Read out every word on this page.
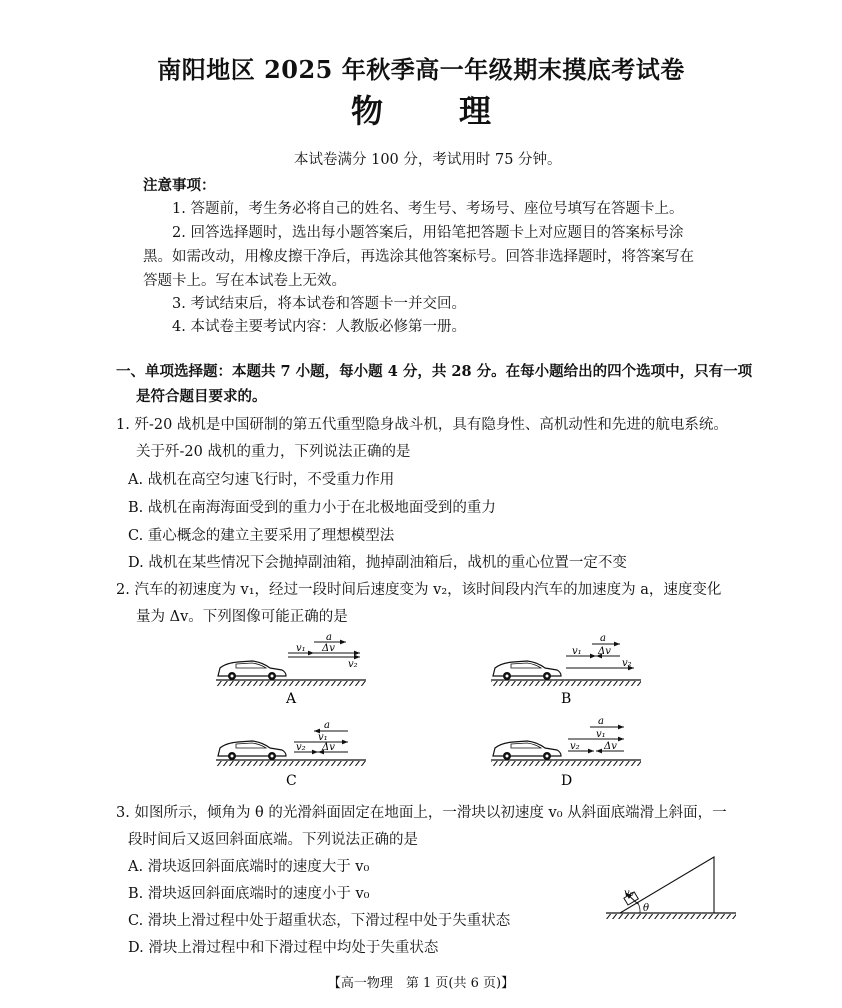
南阳地区 2025 年秋季高一年级期末摸底考试卷
物 理
本试卷满分 100 分，考试用时 75 分钟。
注意事项：
1. 答题前，考生务必将自己的姓名、考生号、考场号、座位号填写在答题卡上。
2. 回答选择题时，选出每小题答案后，用铅笔把答题卡上对应题目的答案标号涂
黑。如需改动，用橡皮擦干净后，再选涂其他答案标号。回答非选择题时，将答案写在
答题卡上。写在本试卷上无效。
3. 考试结束后，将本试卷和答题卡一并交回。
4. 本试卷主要考试内容：人教版必修第一册。
一、单项选择题：本题共 7 小题，每小题 4 分，共 28 分。在每小题给出的四个选项中，只有一项
是符合题目要求的。
1. 歼-20 战机是中国研制的第五代重型隐身战斗机，具有隐身性、高机动性和先进的航电系统。
关于歼-20 战机的重力，下列说法正确的是
A. 战机在高空匀速飞行时，不受重力作用
B. 战机在南海海面受到的重力小于在北极地面受到的重力
C. 重心概念的建立主要采用了理想模型法
D. 战机在某些情况下会抛掉副油箱，抛掉副油箱后，战机的重心位置一定不变
2. 汽车的初速度为 v₁，经过一段时间后速度变为 v₂，该时间段内汽车的加速度为 a，速度变化
量为 Δv。下列图像可能正确的是
a
Δv
v₁
v₂
A
a
Δv
v₁
v₂
B
a
v₁
v₂ Δv
C
a
v₁
v₂ Δv
D
v₀
θ
3. 如图所示，倾角为 θ 的光滑斜面固定在地面上，一滑块以初速度 v₀ 从斜面底端滑上斜面，一
段时间后又返回斜面底端。下列说法正确的是
A. 滑块返回斜面底端时的速度大于 v₀
B. 滑块返回斜面底端时的速度小于 v₀
C. 滑块上滑过程中处于超重状态，下滑过程中处于失重状态
D. 滑块上滑过程中和下滑过程中均处于失重状态
【高一物理　第 1 页(共 6 页)】
